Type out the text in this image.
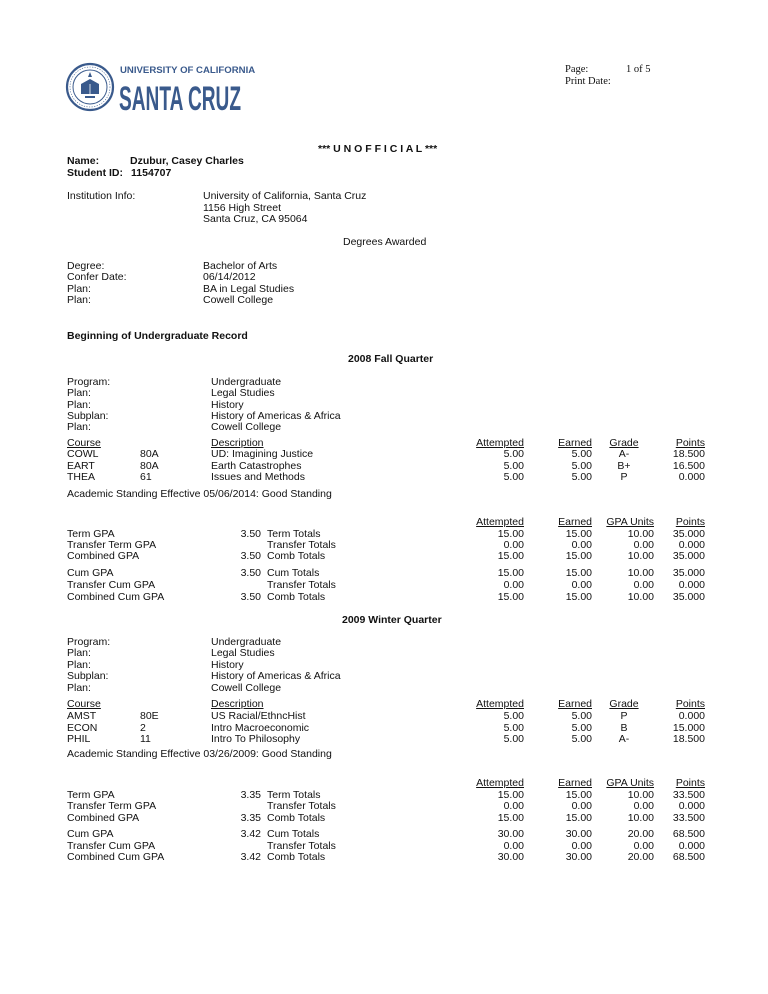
UNIVERSITY OF CALIFORNIA
SANTA CRUZ
Page:	1 of 5
Print Date:
*** U N O F F I C I A L ***
Name:	Dzubur, Casey Charles
Student ID: 1154707
Institution Info:	University of California, Santa Cruz
1156 High Street
Santa Cruz, CA 95064
Degrees Awarded
Degree:	Bachelor of Arts
Confer Date:	06/14/2012
Plan:	BA in Legal Studies
Plan:	Cowell College
Beginning of Undergraduate Record
2008 Fall Quarter
Program:	Undergraduate
Plan:	Legal Studies
Plan:	History
Subplan:	History of Americas & Africa
Plan:	Cowell College
Course	Description	Attempted	Earned	Grade	Points
COWL	80A	UD: Imagining Justice	5.00	5.00	A-	18.500
EART	80A	Earth Catastrophes	5.00	5.00	B+	16.500
THEA	61	Issues and Methods	5.00	5.00	P	0.000
Academic Standing Effective 05/06/2014: Good Standing
Attempted	Earned	GPA Units	Points
Term GPA	3.50 Term Totals	15.00	15.00	10.00	35.000
Transfer Term GPA	Transfer Totals	0.00	0.00	0.00	0.000
Combined GPA	3.50 Comb Totals	15.00	15.00	10.00	35.000
Cum GPA	3.50 Cum Totals	15.00	15.00	10.00	35.000
Transfer Cum GPA	Transfer Totals	0.00	0.00	0.00	0.000
Combined Cum GPA	3.50 Comb Totals	15.00	15.00	10.00	35.000
2009 Winter Quarter
Program:	Undergraduate
Plan:	Legal Studies
Plan:	History
Subplan:	History of Americas & Africa
Plan:	Cowell College
Course	Description	Attempted	Earned	Grade	Points
AMST	80E	US Racial/EthncHist	5.00	5.00	P	0.000
ECON	2	Intro Macroeconomic	5.00	5.00	B	15.000
PHIL	11	Intro To Philosophy	5.00	5.00	A-	18.500
Academic Standing Effective 03/26/2009: Good Standing
Attempted	Earned	GPA Units	Points
Term GPA	3.35 Term Totals	15.00	15.00	10.00	33.500
Transfer Term GPA	Transfer Totals	0.00	0.00	0.00	0.000
Combined GPA	3.35 Comb Totals	15.00	15.00	10.00	33.500
Cum GPA	3.42 Cum Totals	30.00	30.00	20.00	68.500
Transfer Cum GPA	Transfer Totals	0.00	0.00	0.00	0.000
Combined Cum GPA	3.42 Comb Totals	30.00	30.00	20.00	68.500
